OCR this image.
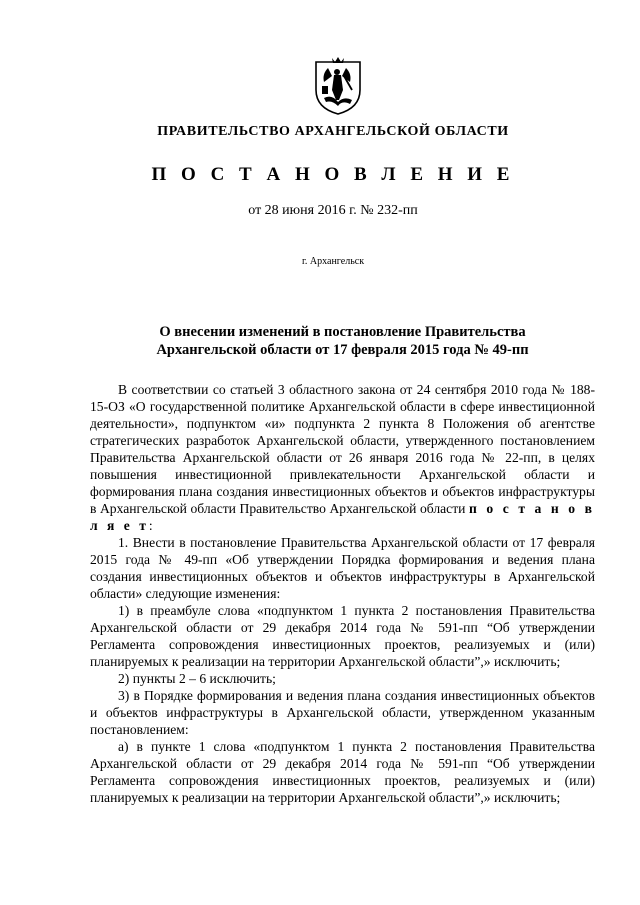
ПРАВИТЕЛЬСТВО АРХАНГЕЛЬСКОЙ ОБЛАСТИ
П О С Т А Н О В Л Е Н И Е
от 28 июня 2016 г. № 232-пп
г. Архангельск
О внесении изменений в постановление Правительства
Архангельской области от 17 февраля 2015 года № 49-пп

В соответствии со статьей 3 областного закона от 24 сентября 2010 года № 188-15-ОЗ «О государственной политике Архангельской области в сфере инвестиционной деятельности», подпунктом «и» подпункта 2 пункта 8 Положения об агентстве стратегических разработок Архангельской области, утвержденного постановлением Правительства Архангельской области от 26 января 2016 года № 22-пп, в целях повышения инвестиционной привлекательности Архангельской области и формирования плана создания инвестиционных объектов и объектов инфраструктуры в Архангельской области Правительство Архангельской области п о с т а н о в л я е т:

1. Внести в постановление Правительства Архангельской области от 17 февраля 2015 года № 49-пп «Об утверждении Порядка формирования и ведения плана создания инвестиционных объектов и объектов инфраструктуры в Архангельской области» следующие изменения:

1) в преамбуле слова «подпунктом 1 пункта 2 постановления Правительства Архангельской области от 29 декабря 2014 года № 591-пп “Об утверждении Регламента сопровождения инвестиционных проектов, реализуемых и (или) планируемых к реализации на территории Архангельской области”,» исключить;

2) пункты 2 – 6 исключить;

3) в Порядке формирования и ведения плана создания инвестиционных объектов и объектов инфраструктуры в Архангельской области, утвержденном указанным постановлением:

а) в пункте 1 слова «подпунктом 1 пункта 2 постановления Правительства Архангельской области от 29 декабря 2014 года № 591-пп “Об утверждении Регламента сопровождения инвестиционных проектов, реализуемых и (или) планируемых к реализации на территории Архангельской области”,» исключить;
